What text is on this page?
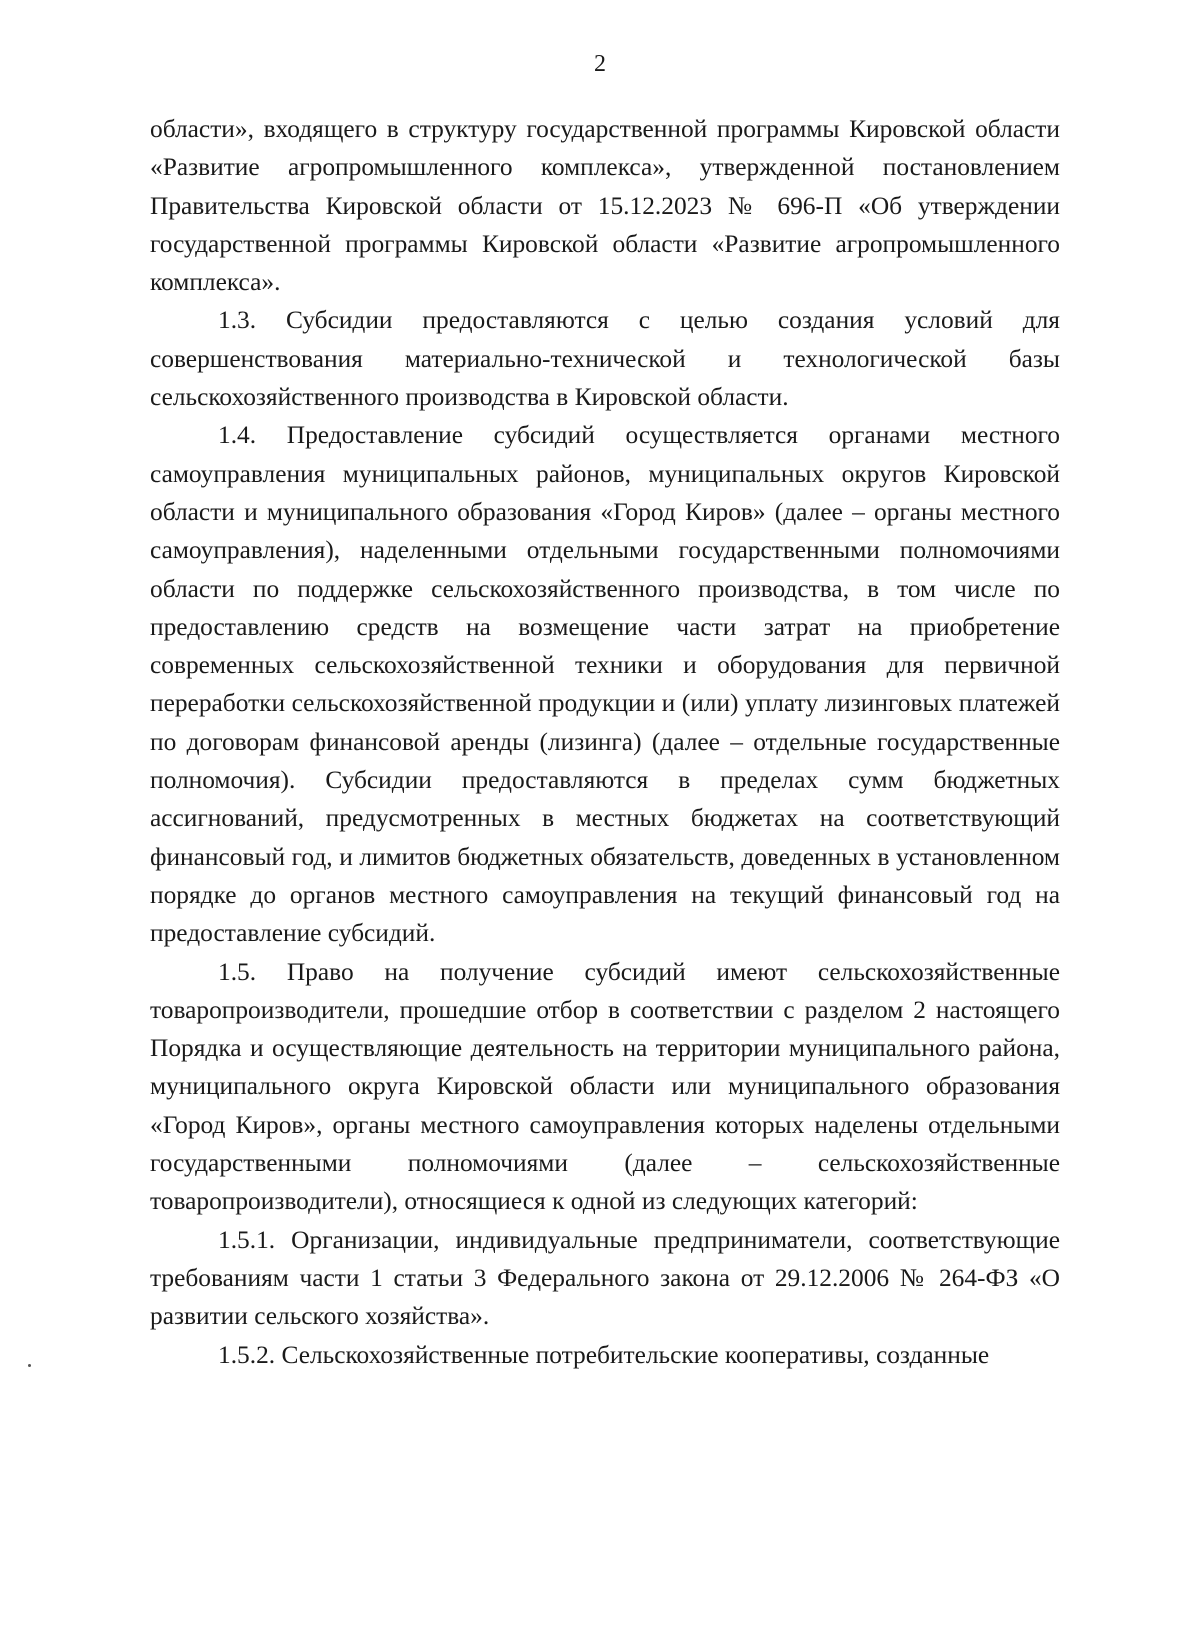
2

области», входящего в структуру государственной программы Кировской области «Развитие агропромышленного комплекса», утвержденной постановлением Правительства Кировской области от 15.12.2023 № 696-П «Об утверждении государственной программы Кировской области «Развитие агропромышленного комплекса».

1.3. Субсидии предоставляются с целью создания условий для совершенствования материально-технической и технологической базы сельскохозяйственного производства в Кировской области.

1.4. Предоставление субсидий осуществляется органами местного самоуправления муниципальных районов, муниципальных округов Кировской области и муниципального образования «Город Киров» (далее – органы местного самоуправления), наделенными отдельными государственными полномочиями области по поддержке сельскохозяйственного производства, в том числе по предоставлению средств на возмещение части затрат на приобретение современных сельскохозяйственной техники и оборудования для первичной переработки сельскохозяйственной продукции и (или) уплату лизинговых платежей по договорам финансовой аренды (лизинга) (далее – отдельные государственные полномочия). Субсидии предоставляются в пределах сумм бюджетных ассигнований, предусмотренных в местных бюджетах на соответствующий финансовый год, и лимитов бюджетных обязательств, доведенных в установленном порядке до органов местного самоуправления на текущий финансовый год на предоставление субсидий.

1.5. Право на получение субсидий имеют сельскохозяйственные товаропроизводители, прошедшие отбор в соответствии с разделом 2 настоящего Порядка и осуществляющие деятельность на территории муниципального района, муниципального округа Кировской области или муниципального образования «Город Киров», органы местного самоуправления которых наделены отдельными государственными полномочиями (далее – сельскохозяйственные товаропроизводители), относящиеся к одной из следующих категорий:

1.5.1. Организации, индивидуальные предприниматели, соответствующие требованиям части 1 статьи 3 Федерального закона от 29.12.2006 № 264-ФЗ «О развитии сельского хозяйства».

1.5.2. Сельскохозяйственные потребительские кооперативы, созданные
